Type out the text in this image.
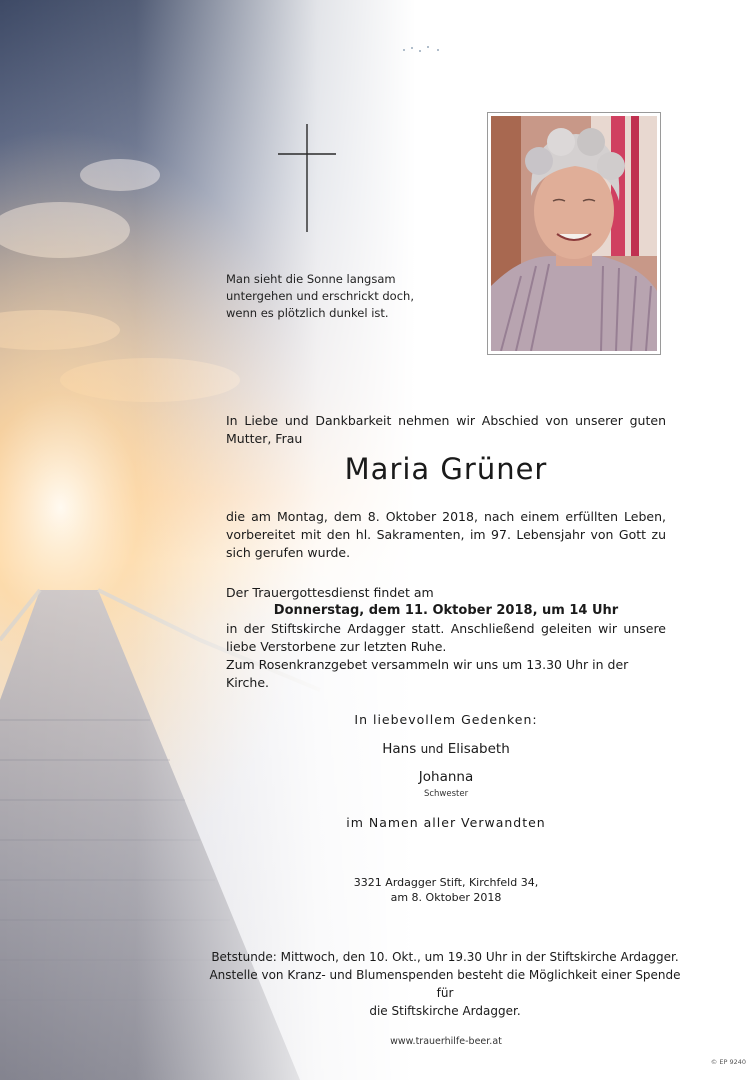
Man sieht die Sonne langsam
untergehen und erschrickt doch,
wenn es plötzlich dunkel ist.
In Liebe und Dankbarkeit nehmen wir Abschied von unserer guten Mutter, Frau
Maria Grüner
die am Montag, dem 8. Oktober 2018, nach einem erfüllten Leben, vorbereitet mit den hl. Sakramenten, im 97. Lebensjahr von Gott zu sich gerufen wurde.
Der Trauergottesdienst findet am
Donnerstag, dem 11. Oktober 2018, um 14 Uhr
in der Stiftskirche Ardagger statt. Anschließend geleiten wir unsere liebe Verstorbene zur letzten Ruhe.
Zum Rosenkranzgebet versammeln wir uns um 13.30 Uhr in der Kirche.
In liebevollem Gedenken:
Hans und Elisabeth
Johanna
Schwester
im Namen aller Verwandten
3321 Ardagger Stift, Kirchfeld 34,
am 8. Oktober 2018
Betstunde: Mittwoch, den 10. Okt., um 19.30 Uhr in der Stiftskirche Ardagger.
Anstelle von Kranz- und Blumenspenden besteht die Möglichkeit einer Spende für
die Stiftskirche Ardagger.
www.trauerhilfe-beer.at
© EP 9240
